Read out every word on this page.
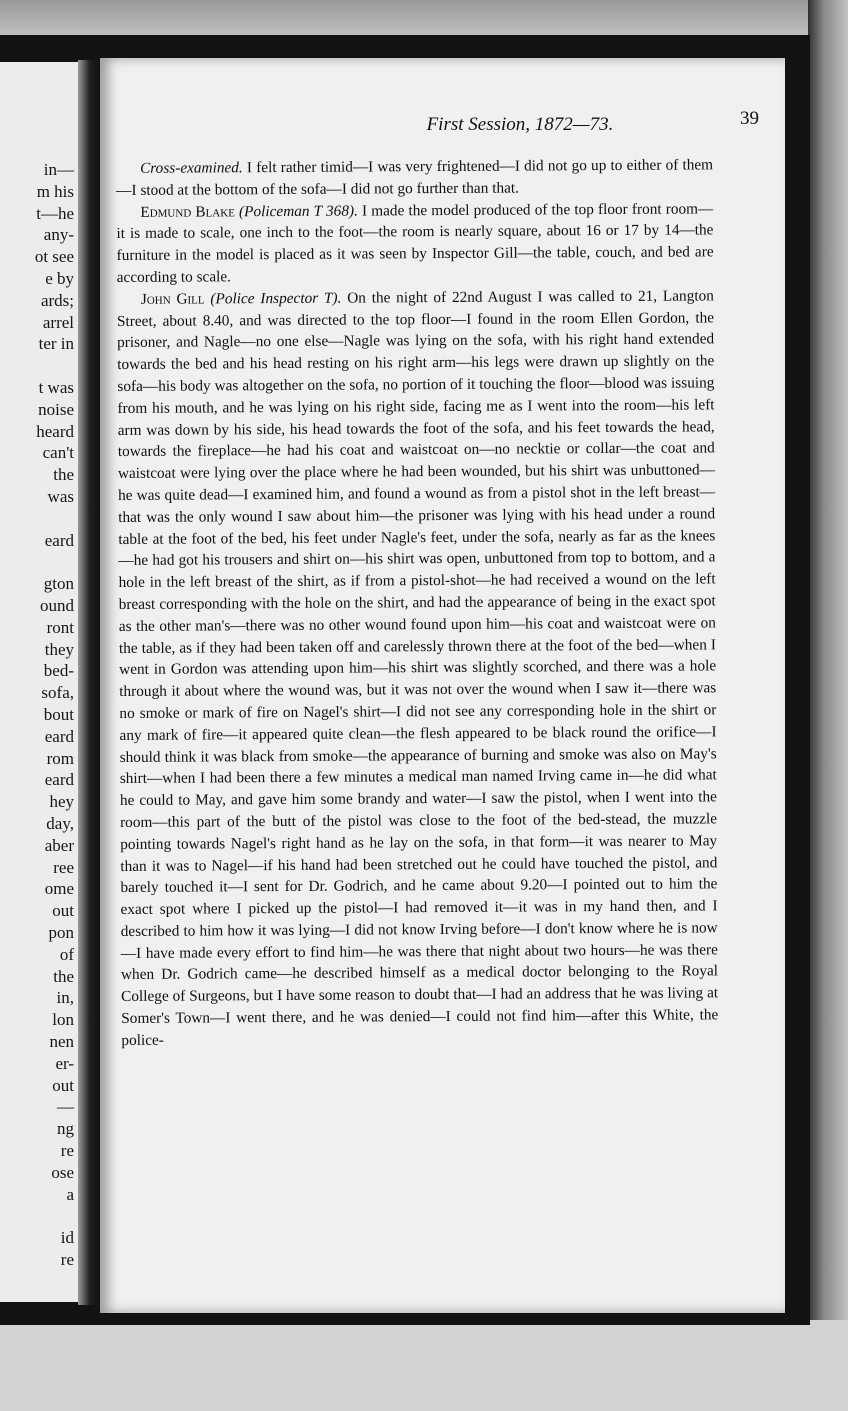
in—

m his

t—he

any-

ot see

e by

ards;

arrel

ter in

t was

noise

heard

can't

the

was

eard

gton

ound

ront

they

bed-

sofa,

bout

eard

rom

eard

hey

day,

aber

ree

ome

out

pon

of

the

in,

lon

nen

er-

out

—

ng

re

ose

a

id

re

First Session, 1872—73.	39

Cross-examined. I felt rather timid—I was very frightened—I did not go up to either of them—I stood at the bottom of the sofa—I did not go further than that.

Edmund Blake (Policeman T 368). I made the model produced of the top floor front room—it is made to scale, one inch to the foot—the room is nearly square, about 16 or 17 by 14—the furniture in the model is placed as it was seen by Inspector Gill—the table, couch, and bed are according to scale.

John Gill (Police Inspector T). On the night of 22nd August I was called to 21, Langton Street, about 8.40, and was directed to the top floor—I found in the room Ellen Gordon, the prisoner, and Nagle—no one else—Nagle was lying on the sofa, with his right hand extended towards the bed and his head resting on his right arm—his legs were drawn up slightly on the sofa—his body was altogether on the sofa, no portion of it touching the floor—blood was issuing from his mouth, and he was lying on his right side, facing me as I went into the room—his left arm was down by his side, his head towards the foot of the sofa, and his feet towards the head, towards the fireplace—he had his coat and waistcoat on—no necktie or collar—the coat and waistcoat were lying over the place where he had been wounded, but his shirt was unbuttoned—he was quite dead—I examined him, and found a wound as from a pistol shot in the left breast—that was the only wound I saw about him—the prisoner was lying with his head under a round table at the foot of the bed, his feet under Nagle's feet, under the sofa, nearly as far as the knees—he had got his trousers and shirt on—his shirt was open, unbuttoned from top to bottom, and a hole in the left breast of the shirt, as if from a pistol-shot—he had received a wound on the left breast corresponding with the hole on the shirt, and had the appearance of being in the exact spot as the other man's—there was no other wound found upon him—his coat and waistcoat were on the table, as if they had been taken off and carelessly thrown there at the foot of the bed—when I went in Gordon was attending upon him—his shirt was slightly scorched, and there was a hole through it about where the wound was, but it was not over the wound when I saw it—there was no smoke or mark of fire on Nagel's shirt—I did not see any corresponding hole in the shirt or any mark of fire—it appeared quite clean—the flesh appeared to be black round the orifice—I should think it was black from smoke—the appearance of burning and smoke was also on May's shirt—when I had been there a few minutes a medical man named Irving came in—he did what he could to May, and gave him some brandy and water—I saw the pistol, when I went into the room—this part of the butt of the pistol was close to the foot of the bed-stead, the muzzle pointing towards Nagel's right hand as he lay on the sofa, in that form—it was nearer to May than it was to Nagel—if his hand had been stretched out he could have touched the pistol, and barely touched it—I sent for Dr. Godrich, and he came about 9.20—I pointed out to him the exact spot where I picked up the pistol—I had removed it—it was in my hand then, and I described to him how it was lying—I did not know Irving before—I don't know where he is now—I have made every effort to find him—he was there that night about two hours—he was there when Dr. Godrich came—he described himself as a medical doctor belonging to the Royal College of Surgeons, but I have some reason to doubt that—I had an address that he was living at Somer's Town—I went there, and he was denied—I could not find him—after this White, the police-
